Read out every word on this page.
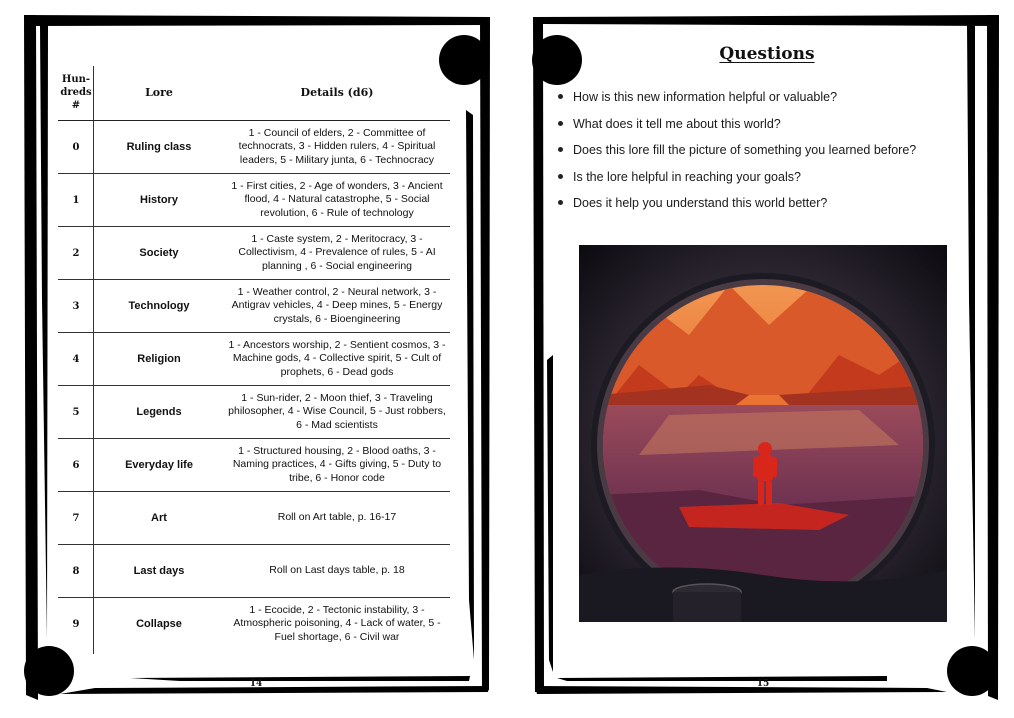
Hun-
dreds
#	Lore	Details (d6)
0	Ruling class	1 - Council of elders, 2 - Committee of technocrats, 3 - Hidden rulers, 4 - Spiritual leaders, 5 - Military junta, 6 - Technocracy
1	History	1 - First cities, 2 - Age of wonders, 3 - Ancient flood, 4 - Natural catastrophe, 5 - Social revolution, 6 - Rule of technology
2	Society	1 - Caste system, 2 - Meritocracy, 3 - Collectivism, 4 - Prevalence of rules, 5 - AI planning , 6 - Social engineering
3	Technology	1 - Weather control, 2 - Neural network, 3 - Antigrav vehicles, 4 - Deep mines, 5 - Energy crystals, 6 - Bioengineering
4	Religion	1 - Ancestors worship, 2 - Sentient cosmos, 3 - Machine gods, 4 - Collective spirit, 5 - Cult of prophets, 6 - Dead gods
5	Legends	1 - Sun-rider, 2 - Moon thief, 3 - Traveling philosopher, 4 - Wise Council, 5 - Just robbers, 6 - Mad scientists
6	Everyday life	1 - Structured housing, 2 - Blood oaths, 3 - Naming practices, 4 - Gifts giving, 5 - Duty to tribe, 6 - Honor code
7	Art	Roll on Art table, p. 16-17
8	Last days	Roll on Last days table, p. 18
9	Collapse	1 - Ecocide, 2 - Tectonic instability, 3 - Atmospheric poisoning, 4 - Lack of water, 5 - Fuel shortage, 6 - Civil war
14
Questions
How is this new information helpful or valuable?
What does it tell me about this world?
Does this lore fill the picture of something you learned before?
Is the lore helpful in reaching your goals?
Does it help you understand this world better?
15
